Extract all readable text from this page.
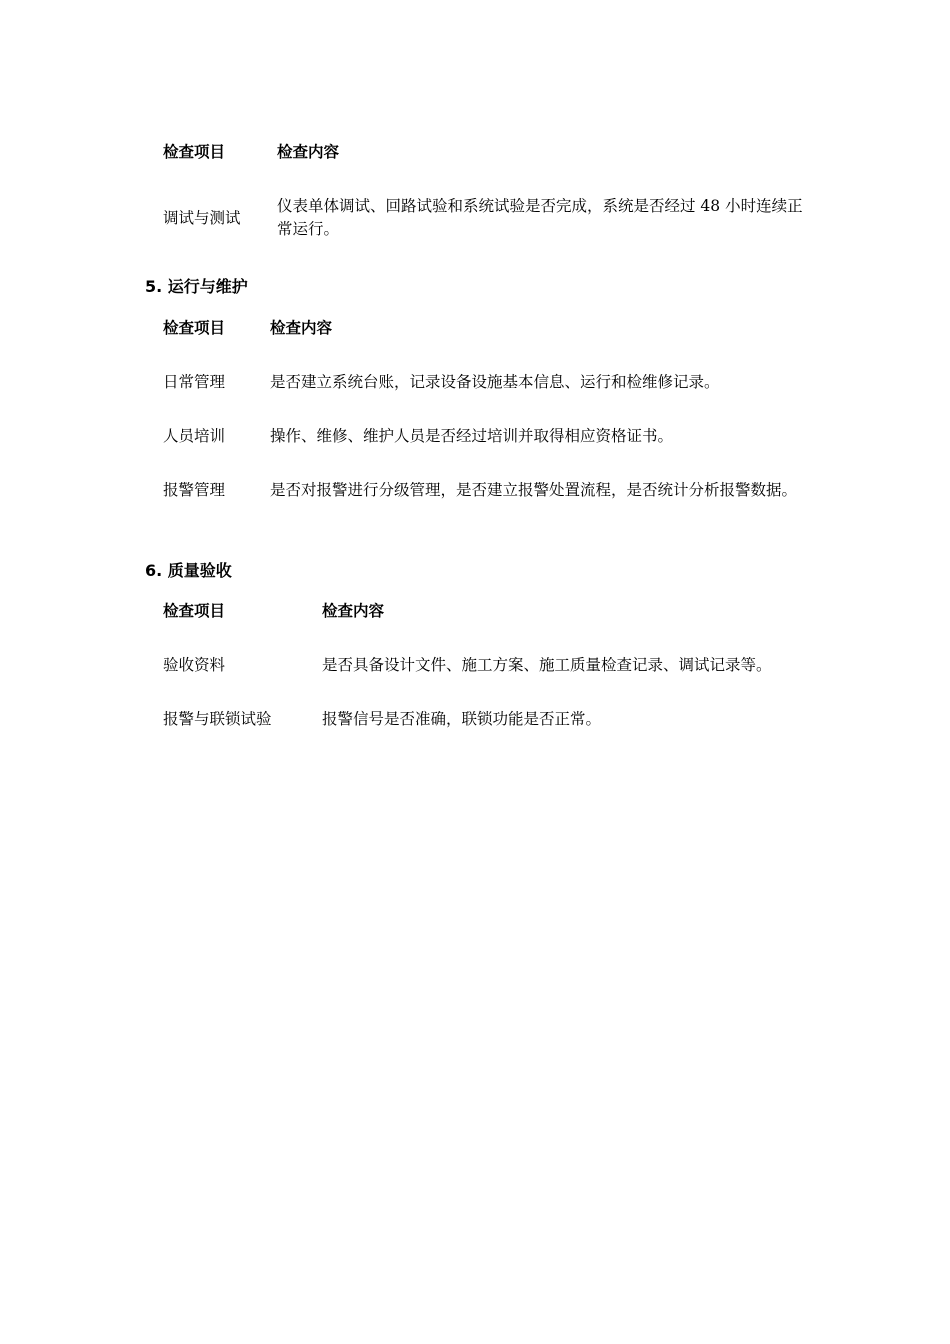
检查项目	检查内容

调试与测试	仪表单体调试、回路试验和系统试验是否完成，系统是否经过 48 小时连续正常运行。
5. 运行与维护
检查项目	检查内容

日常管理	是否建立系统台账，记录设备设施基本信息、运行和检维修记录。

人员培训	操作、维修、维护人员是否经过培训并取得相应资格证书。

报警管理	是否对报警进行分级管理，是否建立报警处置流程，是否统计分析报警数据。
6. 质量验收
检查项目	检查内容

验收资料	是否具备设计文件、施工方案、施工质量检查记录、调试记录等。

报警与联锁试验	报警信号是否准确，联锁功能是否正常。
